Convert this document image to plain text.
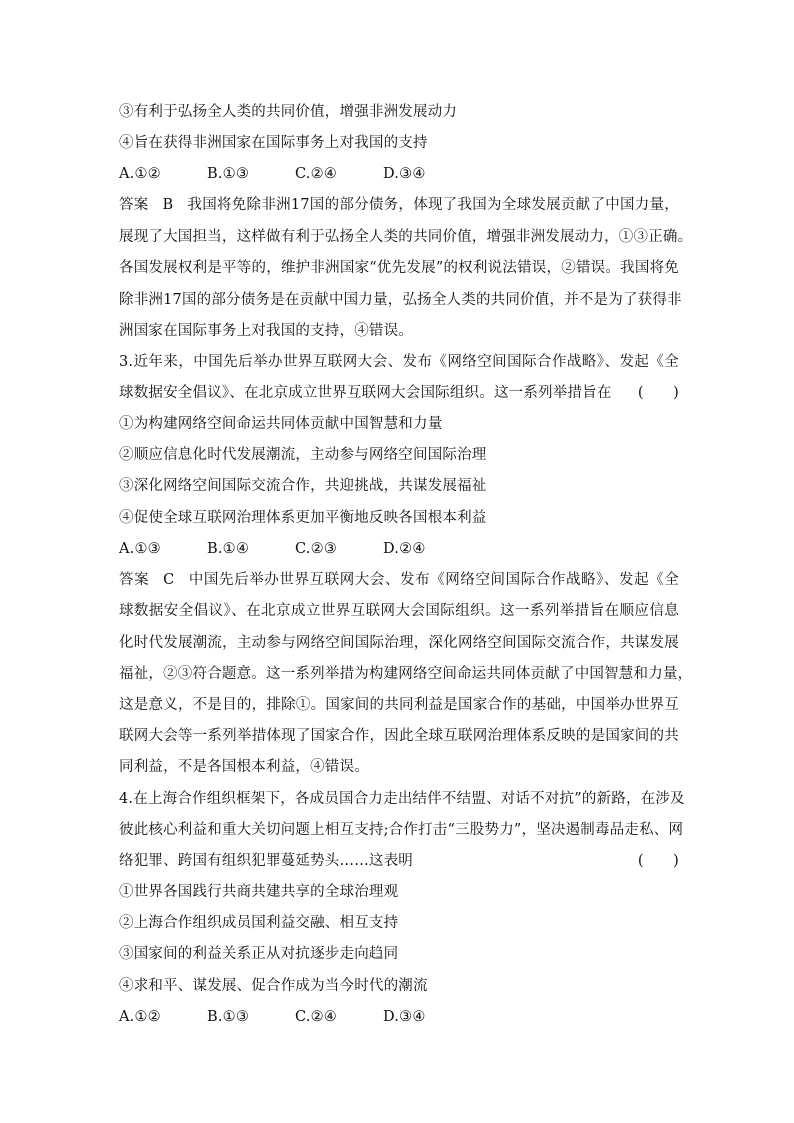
③有利于弘扬全人类的共同价值，增强非洲发展动力
④旨在获得非洲国家在国际事务上对我国的支持
A.①②	B.①③	C.②④	D.③④
答案 B 我国将免除非洲17国的部分债务，体现了我国为全球发展贡献了中国力量，
展现了大国担当，这样做有利于弘扬全人类的共同价值，增强非洲发展动力，①③正确。
各国发展权利是平等的，维护非洲国家“优先发展”的权利说法错误，②错误。我国将免
除非洲17国的部分债务是在贡献中国力量，弘扬全人类的共同价值，并不是为了获得非
洲国家在国际事务上对我国的支持，④错误。
3.近年来，中国先后举办世界互联网大会、发布《网络空间国际合作战略》、发起《全
球数据安全倡议》、在北京成立世界互联网大会国际组织。这一系列举措旨在 (　　)
①为构建网络空间命运共同体贡献中国智慧和力量
②顺应信息化时代发展潮流，主动参与网络空间国际治理
③深化网络空间国际交流合作，共迎挑战，共谋发展福祉
④促使全球互联网治理体系更加平衡地反映各国根本利益
A.①③	B.①④	C.②③	D.②④
答案 C 中国先后举办世界互联网大会、发布《网络空间国际合作战略》、发起《全
球数据安全倡议》、在北京成立世界互联网大会国际组织。这一系列举措旨在顺应信息
化时代发展潮流，主动参与网络空间国际治理，深化网络空间国际交流合作，共谋发展
福祉，②③符合题意。这一系列举措为构建网络空间命运共同体贡献了中国智慧和力量，
这是意义，不是目的，排除①。国家间的共同利益是国家合作的基础，中国举办世界互
联网大会等一系列举措体现了国家合作，因此全球互联网治理体系反映的是国家间的共
同利益，不是各国根本利益，④错误。
4.在上海合作组织框架下，各成员国合力走出结伴不结盟、对话不对抗”的新路，在涉及
彼此核心利益和重大关切问题上相互支持;合作打击“三股势力”，坚决遏制毒品走私、网
络犯罪、跨国有组织犯罪蔓延势头……这表明	(　　)
①世界各国践行共商共建共享的全球治理观
②上海合作组织成员国利益交融、相互支持
③国家间的利益关系正从对抗逐步走向趋同
④求和平、谋发展、促合作成为当今时代的潮流
A.①②	B.①③	C.②④	D.③④
